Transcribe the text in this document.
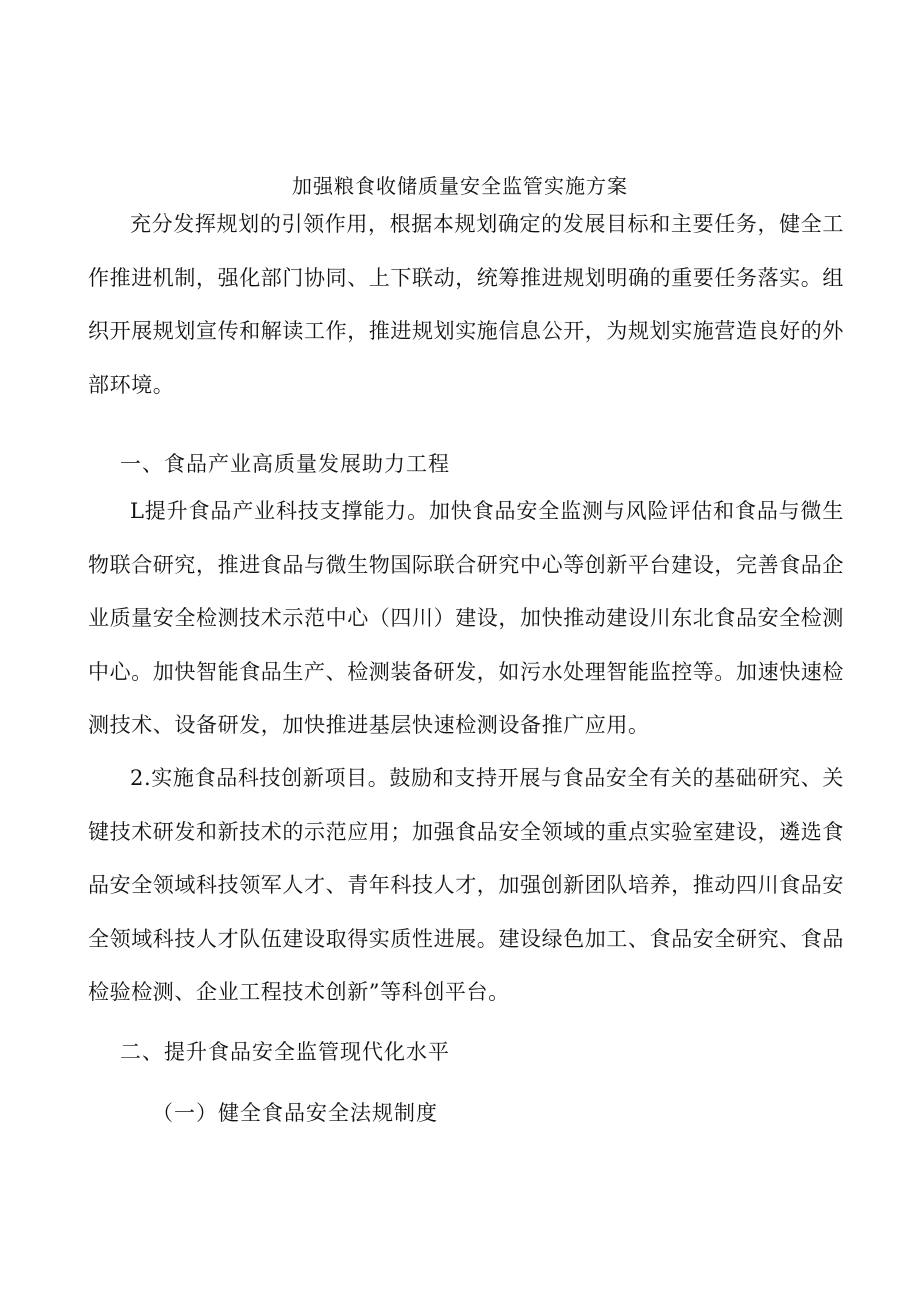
加强粮食收储质量安全监管实施方案

充分发挥规划的引领作用，根据本规划确定的发展目标和主要任务，健全工作推进机制，强化部门协同、上下联动，统筹推进规划明确的重要任务落实。组织开展规划宣传和解读工作，推进规划实施信息公开，为规划实施营造良好的外部环境。

一、食品产业高质量发展助力工程

L提升食品产业科技支撑能力。加快食品安全监测与风险评估和食品与微生物联合研究，推进食品与微生物国际联合研究中心等创新平台建设，完善食品企业质量安全检测技术示范中心（四川）建设，加快推动建设川东北食品安全检测中心。加快智能食品生产、检测装备研发，如污水处理智能监控等。加速快速检测技术、设备研发，加快推进基层快速检测设备推广应用。

2.实施食品科技创新项目。鼓励和支持开展与食品安全有关的基础研究、关键技术研发和新技术的示范应用；加强食品安全领域的重点实验室建设，遴选食品安全领域科技领军人才、青年科技人才，加强创新团队培养，推动四川食品安全领域科技人才队伍建设取得实质性进展。建设绿色加工、食品安全研究、食品检验检测、企业工程技术创新”等科创平台。

二、提升食品安全监管现代化水平
（一）健全食品安全法规制度
